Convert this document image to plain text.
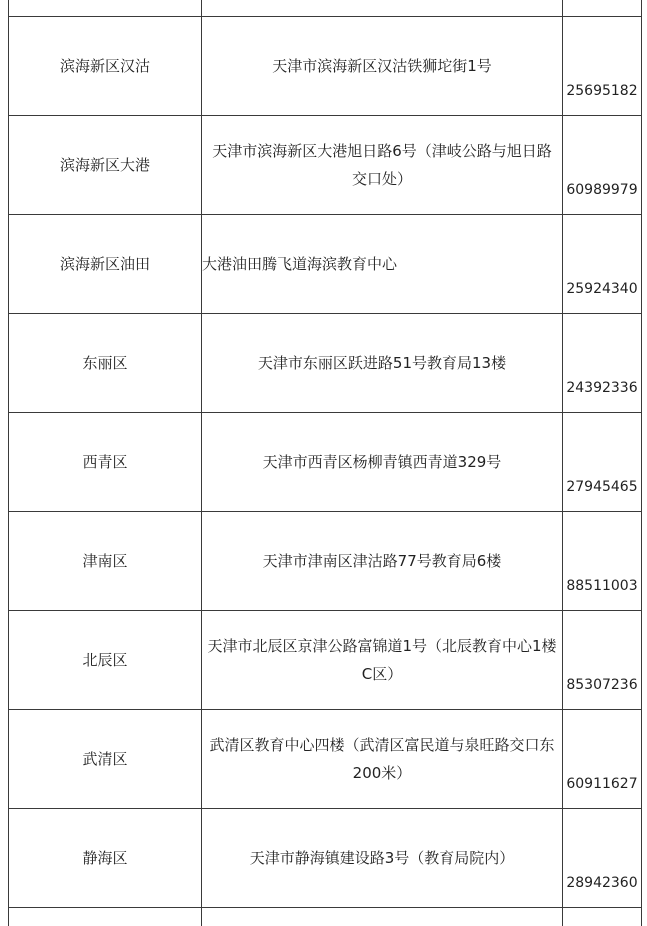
滨海新区汉沽	天津市滨海新区汉沽铁狮坨街1号	25695182
滨海新区大港	天津市滨海新区大港旭日路6号（津岐公路与旭日路交口处）	60989979
滨海新区油田	大港油田腾飞道海滨教育中心	25924340
东丽区	天津市东丽区跃进路51号教育局13楼	24392336
西青区	天津市西青区杨柳青镇西青道329号	27945465
津南区	天津市津南区津沽路77号教育局6楼	88511003
北辰区	天津市北辰区京津公路富锦道1号（北辰教育中心1楼C区）	85307236
武清区	武清区教育中心四楼（武清区富民道与泉旺路交口东200米）	60911627
静海区	天津市静海镇建设路3号（教育局院内）	28942360
